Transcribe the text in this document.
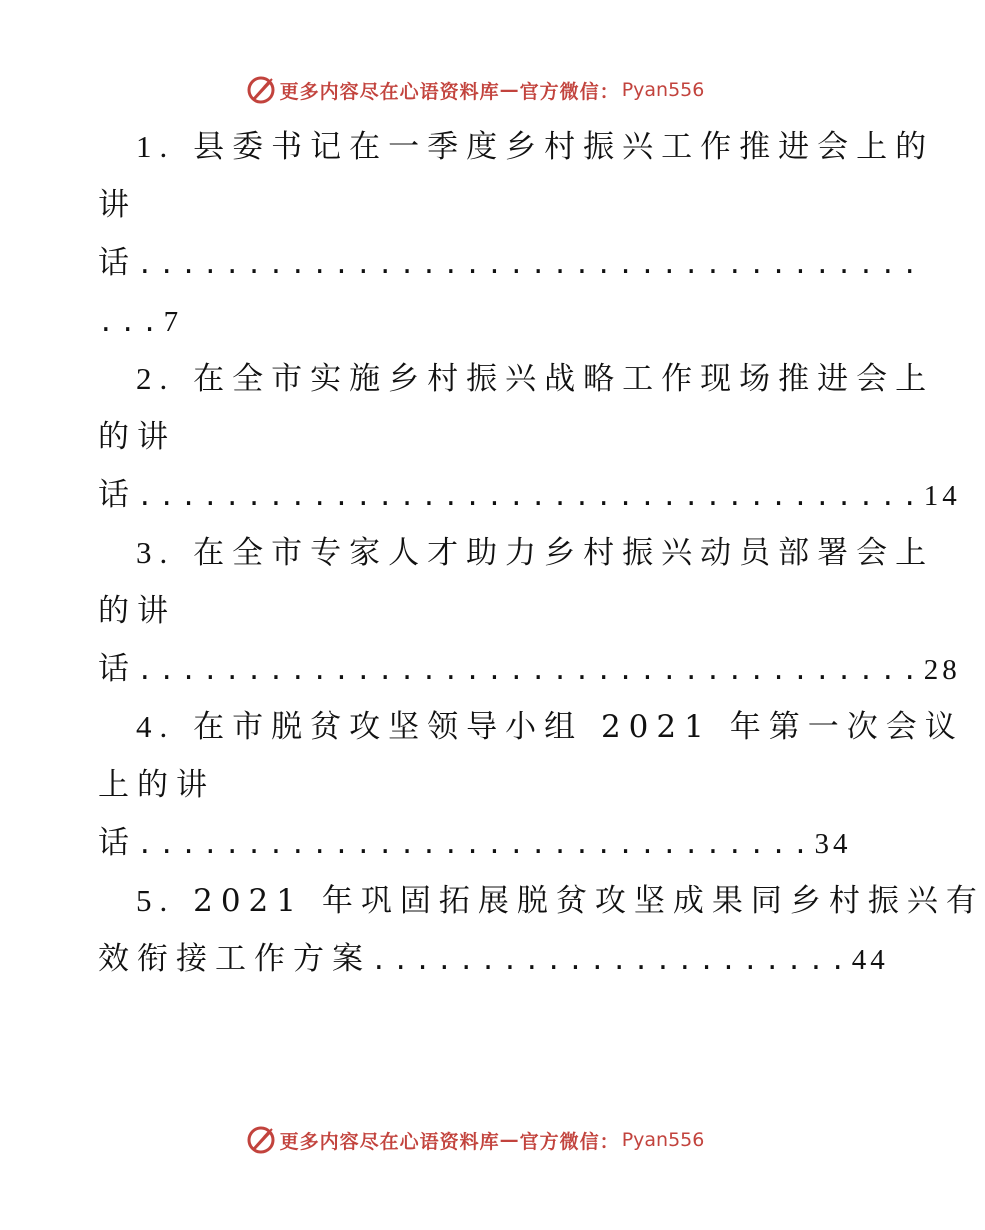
更多内容尽在心语资料库 — 官方微信： Pyan556
1. 县委书记在一季度乡村振兴工作推进会上的
讲
话....................................
...7
2. 在全市实施乡村振兴战略工作现场推进会上
的讲
话....................................14
3. 在全市专家人才助力乡村振兴动员部署会上
的讲
话....................................28
4. 在市脱贫攻坚领导小组 2021 年第一次会议
上的讲
话...............................34
5. 2021 年巩固拓展脱贫攻坚成果同乡村振兴有
效衔接工作方案......................44
更多内容尽在心语资料库 — 官方微信： Pyan556
